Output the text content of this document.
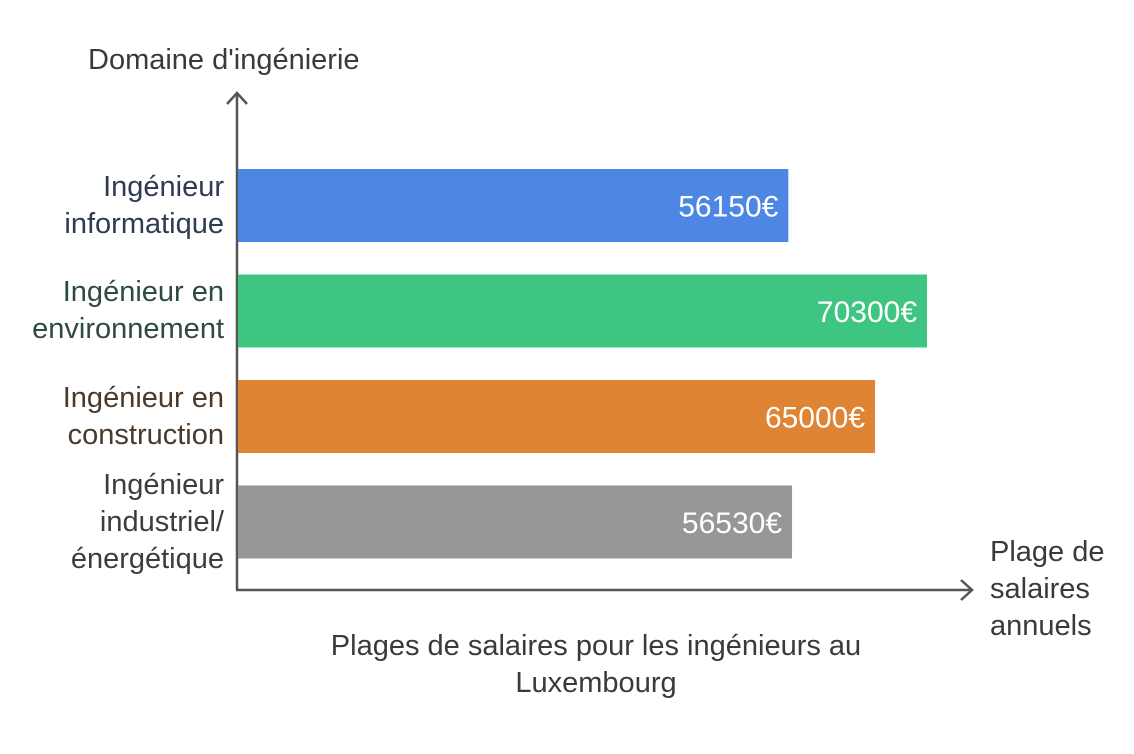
56150€
70300€
65000€
56530€
Domaine d'ingénierie
Plage de
salaires
annuels
Plages de salaires pour les ingénieurs au Luxembourg
Ingénieur
informatique
Ingénieur en
environnement
Ingénieur en
construction
Ingénieur
industriel/
énergétique
